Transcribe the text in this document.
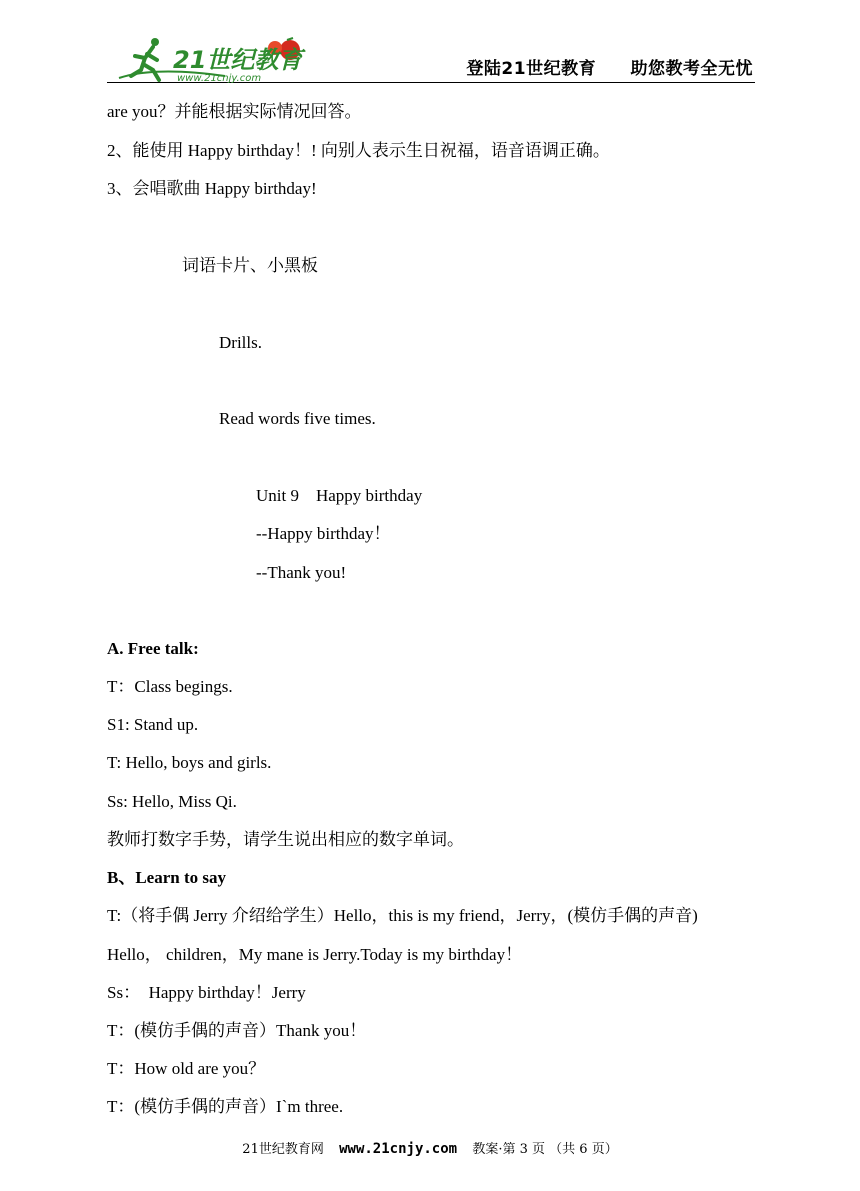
21世纪教育
www.21cnjy.com	登陆21世纪教育 助您教考全无忧
are you？并能根据实际情况回答。
2、能使用 Happy birthday！! 向别人表示生日祝福，语音语调正确。
3、会唱歌曲 Happy birthday!
词语卡片、小黑板
Drills.
Read words five times.
Unit 9    Happy birthday
--Happy birthday！
--Thank you!
A. Free talk:
T：Class begings.
S1: Stand up.
T: Hello, boys and girls.
Ss: Hello, Miss Qi.
教师打数字手势，请学生说出相应的数字单词。
B、Learn to say
T:（将手偶 Jerry 介绍给学生）Hello，this is my friend，Jerry，(模仿手偶的声音)
Hello， children，My mane is Jerry.Today is my birthday！
Ss：  Happy birthday！Jerry
T：(模仿手偶的声音）Thank you！
T：How old are you？
T：(模仿手偶的声音）I`m three.
21世纪教育网 www.21cnjy.com 教案·第 3 页 （共 6 页）
